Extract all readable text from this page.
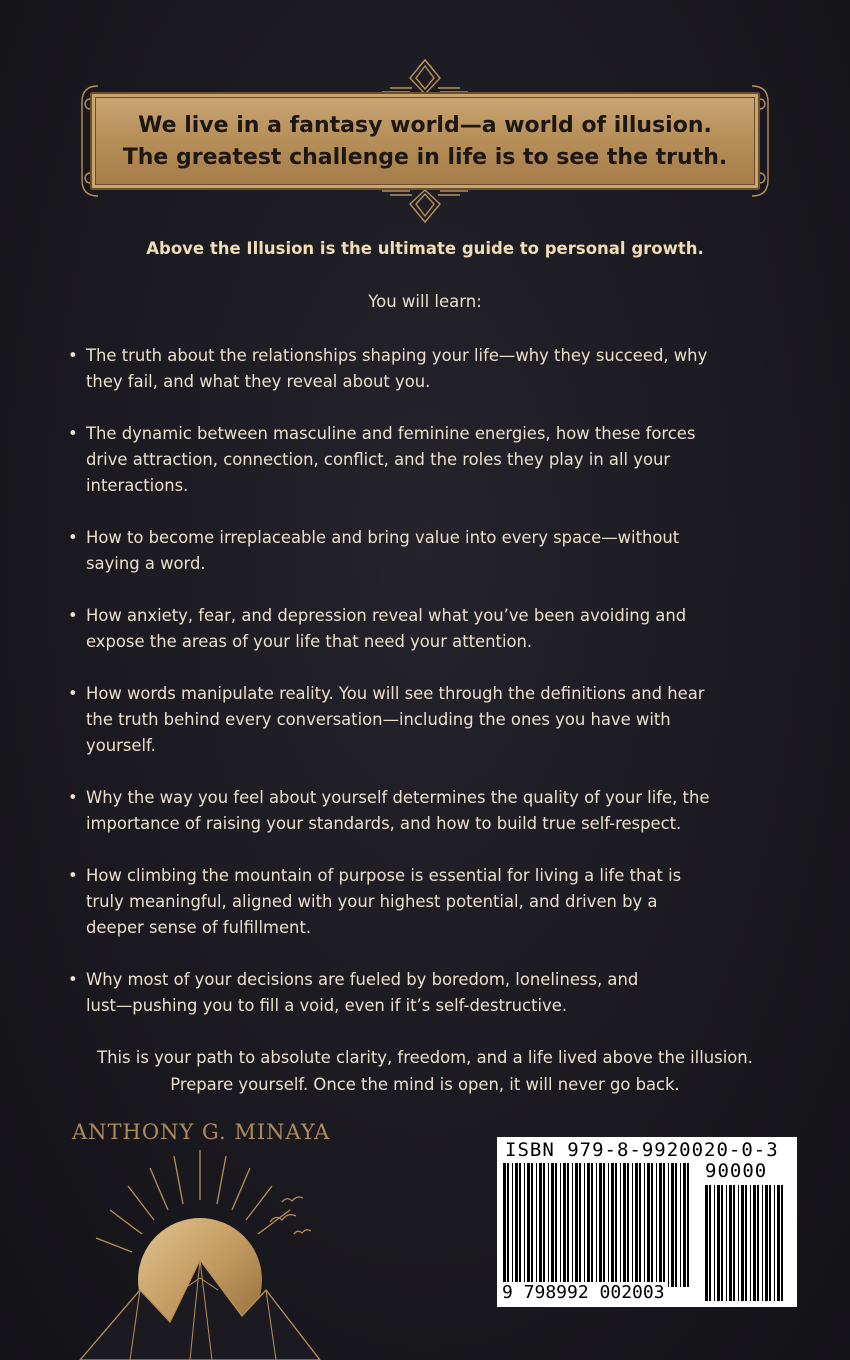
We live in a fantasy world—a world of illusion.
The greatest challenge in life is to see the truth.
Above the Illusion is the ultimate guide to personal growth.
You will learn:
• The truth about the relationships shaping your life—why they succeed, why
they fail, and what they reveal about you.
• The dynamic between masculine and feminine energies, how these forces
drive attraction, connection, conflict, and the roles they play in all your
interactions.
• How to become irreplaceable and bring value into every space—without
saying a word.
• How anxiety, fear, and depression reveal what you’ve been avoiding and
expose the areas of your life that need your attention.
• How words manipulate reality. You will see through the definitions and hear
the truth behind every conversation—including the ones you have with
yourself.
• Why the way you feel about yourself determines the quality of your life, the
importance of raising your standards, and how to build true self-respect.
• How climbing the mountain of purpose is essential for living a life that is
truly meaningful, aligned with your highest potential, and driven by a
deeper sense of fulfillment.
• Why most of your decisions are fueled by boredom, loneliness, and
lust—pushing you to fill a void, even if it’s self-destructive.
This is your path to absolute clarity, freedom, and a life lived above the illusion.
Prepare yourself. Once the mind is open, it will never go back.
ANTHONY G. MINAYA
ISBN 979-8-9920020-0-3
90000
9 798992 002003
